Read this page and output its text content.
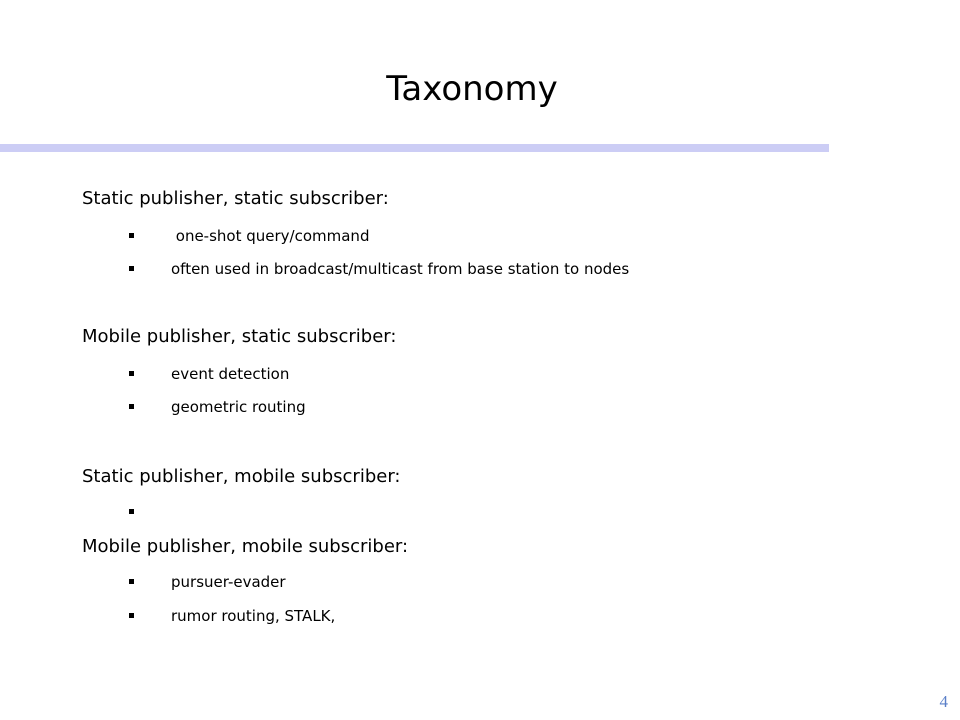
Taxonomy
Static publisher, static subscriber:
one-shot query/command
often used in broadcast/multicast from base station to nodes
Mobile publisher, static subscriber:
event detection
geometric routing
Static publisher, mobile subscriber:
Mobile publisher, mobile subscriber:
pursuer-evader
rumor routing, STALK,
4
